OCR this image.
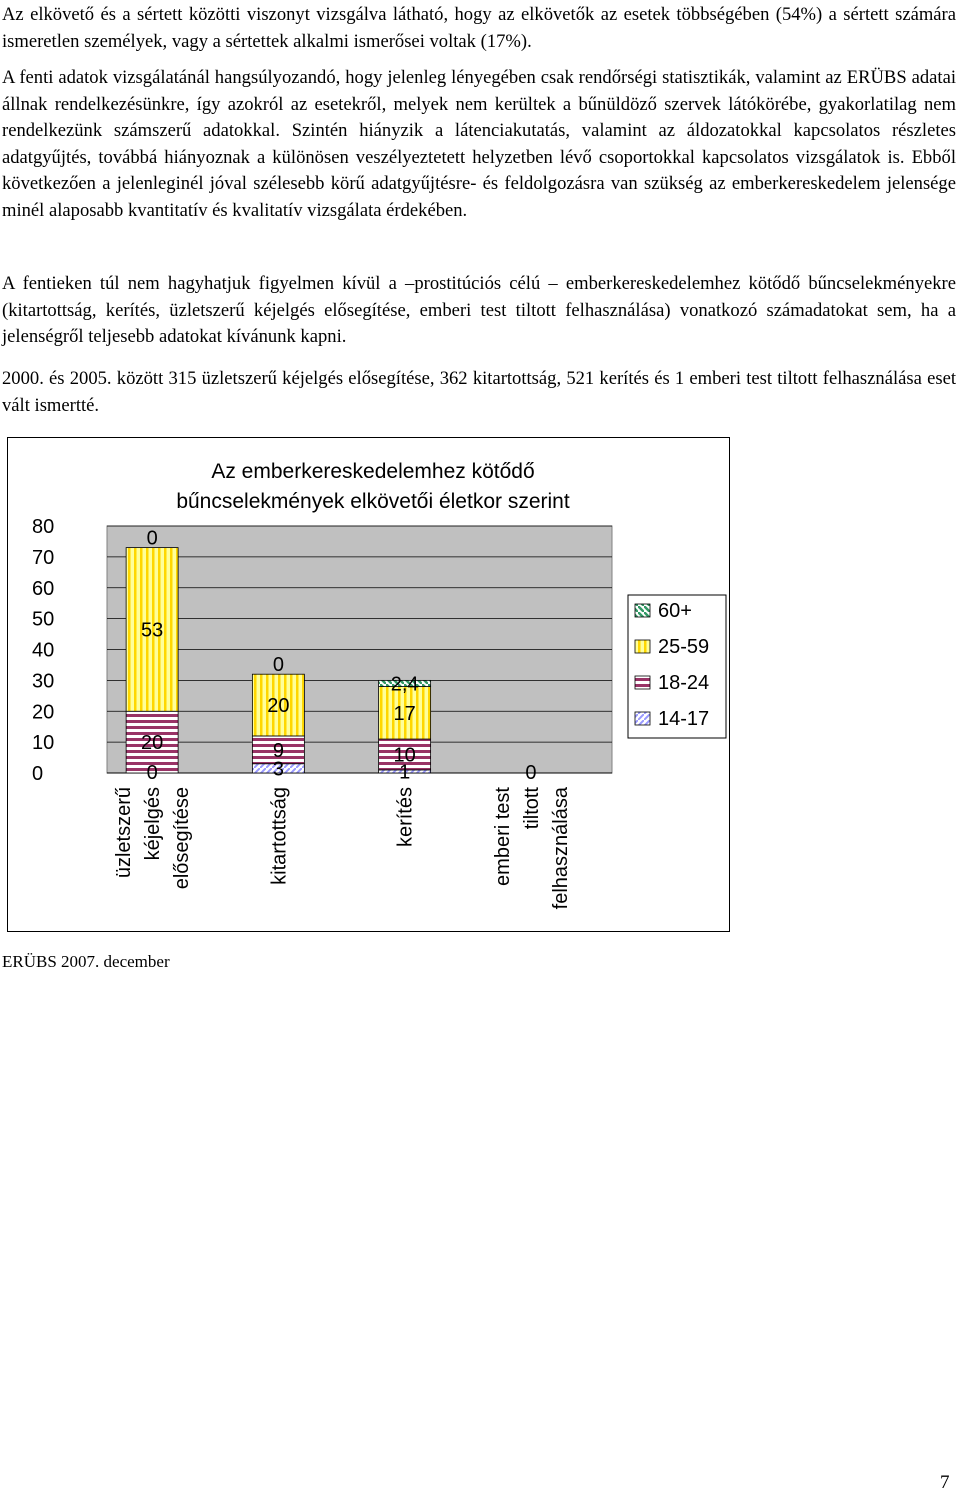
Az elkövető és a sértett közötti viszonyt vizsgálva látható, hogy az elkövetők az esetek többségében (54%) a sértett számára ismeretlen személyek, vagy a sértettek alkalmi ismerősei voltak (17%).

A fenti adatok vizsgálatánál hangsúlyozandó, hogy jelenleg lényegében csak rendőrségi statisztikák, valamint az ERÜBS adatai állnak rendelkezésünkre, így azokról az esetekről, melyek nem kerültek a bűnüldöző szervek látókörébe, gyakorlatilag nem rendelkezünk számszerű adatokkal. Szintén hiányzik a látenciakutatás, valamint az áldozatokkal kapcsolatos részletes adatgyűjtés, továbbá hiányoznak a különösen veszélyeztetett helyzetben lévő csoportokkal kapcsolatos vizsgálatok is. Ebből következően a jelenleginél jóval szélesebb körű adatgyűjtésre- és feldolgozásra van szükség az emberkereskedelem jelensége minél alaposabb kvantitatív és kvalitatív vizsgálata érdekében.

A fentieken túl nem hagyhatjuk figyelmen kívül a –prostitúciós célú – emberkereskedelemhez kötődő bűncselekményekre (kitartottság, kerítés, üzletszerű kéjelgés elősegítése, emberi test tiltott felhasználása) vonatkozó számadatokat sem, ha a jelenségről teljesebb adatokat kívánunk kapni.

2000. és 2005. között 315 üzletszerű kéjelgés elősegítése, 362 kitartottság, 521 kerítés és 1 emberi test tiltott felhasználása eset vált ismertté.

Az emberkereskedelemhez kötődő
bűncselekmények elkövetői életkor szerint
0
10
20
30
40
50
60
70
80
0
20
53
0
3
9
20
0
1
10
17
2,4
0
üzletszerű kéjelgés elősegítése	kitartottság	kerítés	emberi test tiltott felhasználása
60+
25-59
18-24
14-17
ERÜBS 2007. december
7
